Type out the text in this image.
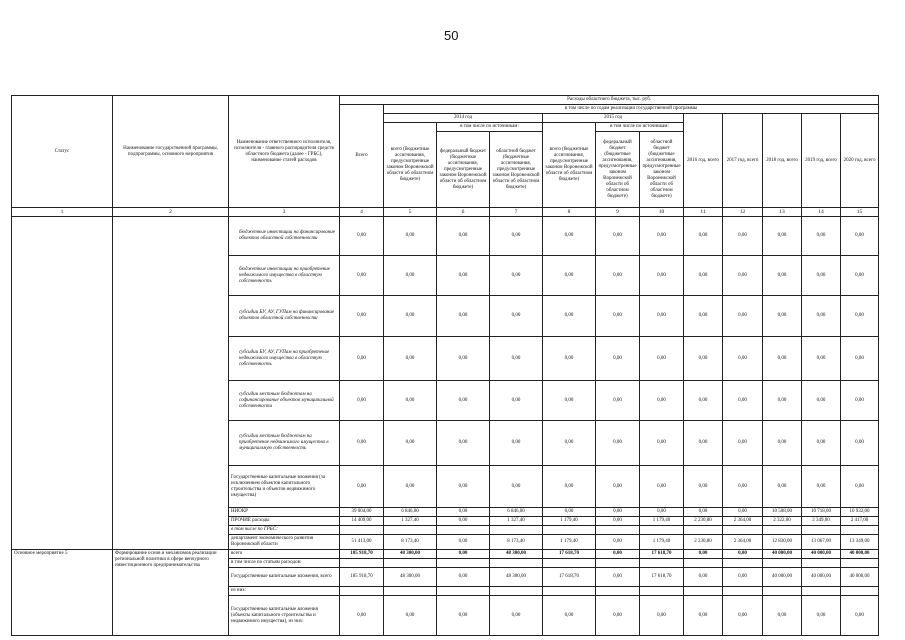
50
Статус	Наименование государственной программы, подпрограммы, основного мероприятия	Наименование ответственного исполнителя, исполнителя - главного распорядителя средств областного бюджета (далее - ГРБС), наименование статей расходов	Расходы областного бюджета, тыс. руб.											
			Всего	в том числе по годам реализации государственной программы										
				2014 год			2015 год			2016 год, всего	2017 год, всего	2018 год, всего	2019 год, всего	2020 год, всего
				всего (бюджетные ассигнования, предусмотренные законом Воронежской области об областном бюджете)	в том числе по источникам:		всего (бюджетные ассигнования, предусмотренные законом Воронежской области об областном бюджете)	в том числе по источникам:						
					федеральный бюджет (бюджетные ассигнования, предусмотренные законом Воронежской области об областном бюджете)	областной бюджет (бюджетные ассигнования, предусмотренные законом Воронежской области об областном бюджете)		федеральный бюджет (бюджетные ассигнования, предусмотренные законом Воронежской области об областном бюджете)	областной бюджет (бюджетные ассигнования, предусмотренные законом Воронежской области об областном бюджете)					
1	2	3	4	5	6	7	8	9	10	11	12	13	14	15
		бюджетные инвестиции на финансирование объектов областной собственности	0,00	0,00	0,00	0,00	0,00	0,00	0,00	0,00	0,00	0,00	0,00	0,00
		бюджетные инвестиции на приобретение недвижимого имущества в областную собственность	0,00	0,00	0,00	0,00	0,00	0,00	0,00	0,00	0,00	0,00	0,00	0,00
		субсидии БУ, АУ, ГУПам на финансирование объектов областной собственности	0,00	0,00	0,00	0,00	0,00	0,00	0,00	0,00	0,00	0,00	0,00	0,00
		субсидии БУ, АУ, ГУПам на приобретение недвижимого имущества в областную собственность	0,00	0,00	0,00	0,00	0,00	0,00	0,00	0,00	0,00	0,00	0,00	0,00
		субсидии местным бюджетам на софинансирование объектов муниципальной собственности	0,00	0,00	0,00	0,00	0,00	0,00	0,00	0,00	0,00	0,00	0,00	0,00
		субсидии местным бюджетам на приобретение недвижимого имущества в муниципальную собственность	0,00	0,00	0,00	0,00	0,00	0,00	0,00	0,00	0,00	0,00	0,00	0,00
		Государственные капитальные вложения (за исключением объектов капитального строительства и объектов недвижимого имущества)	0,00	0,00	0,00	0,00	0,00	0,00	0,00	0,00	0,00	0,00	0,00	0,00
		НИОКР	39 004,00	6 846,00	0,00	6 846,00	0,00	0,00	0,00	0,00	0,00	10 508,00	10 718,00	10 932,00
		ПРОЧИЕ расходы	14 409,00	1 327,40	0,00	1 327,40	1 179,40	0,00	1 179,40	2 230,80	2 364,00	2 322,00	2 349,00	2 417,00
		в том числе по ГРБС:												
		департамент экономического развития Воронежской области	51 413,00	8 173,40	0,00	8 173,40	1 179,40	0,00	1 179,40	2 230,80	2 364,00	12 830,00	13 067,00	13 349,00
Основное мероприятие 5	Формирование основ и механизмов реализации региональной политики в сфере венчурного инвестиционного предпринимательства	всего	185 918,70	48 300,00	0,00	48 300,00	17 618,70	0,00	17 618,70	0,00	0,00	40 000,00	40 000,00	40 000,00
		в том числе по статьям расходов:												
		Государственные капитальные вложения, всего	185 918,70	48 300,00	0,00	48 300,00	17 618,70	0,00	17 618,70	0,00	0,00	40 000,00	40 000,00	40 000,00
		из них:												
		Государственные капитальные вложения (объекты капитального строительства и недвижимого имущества), из них:	0,00	0,00	0,00	0,00	0,00	0,00	0,00	0,00	0,00	0,00	0,00	0,00
